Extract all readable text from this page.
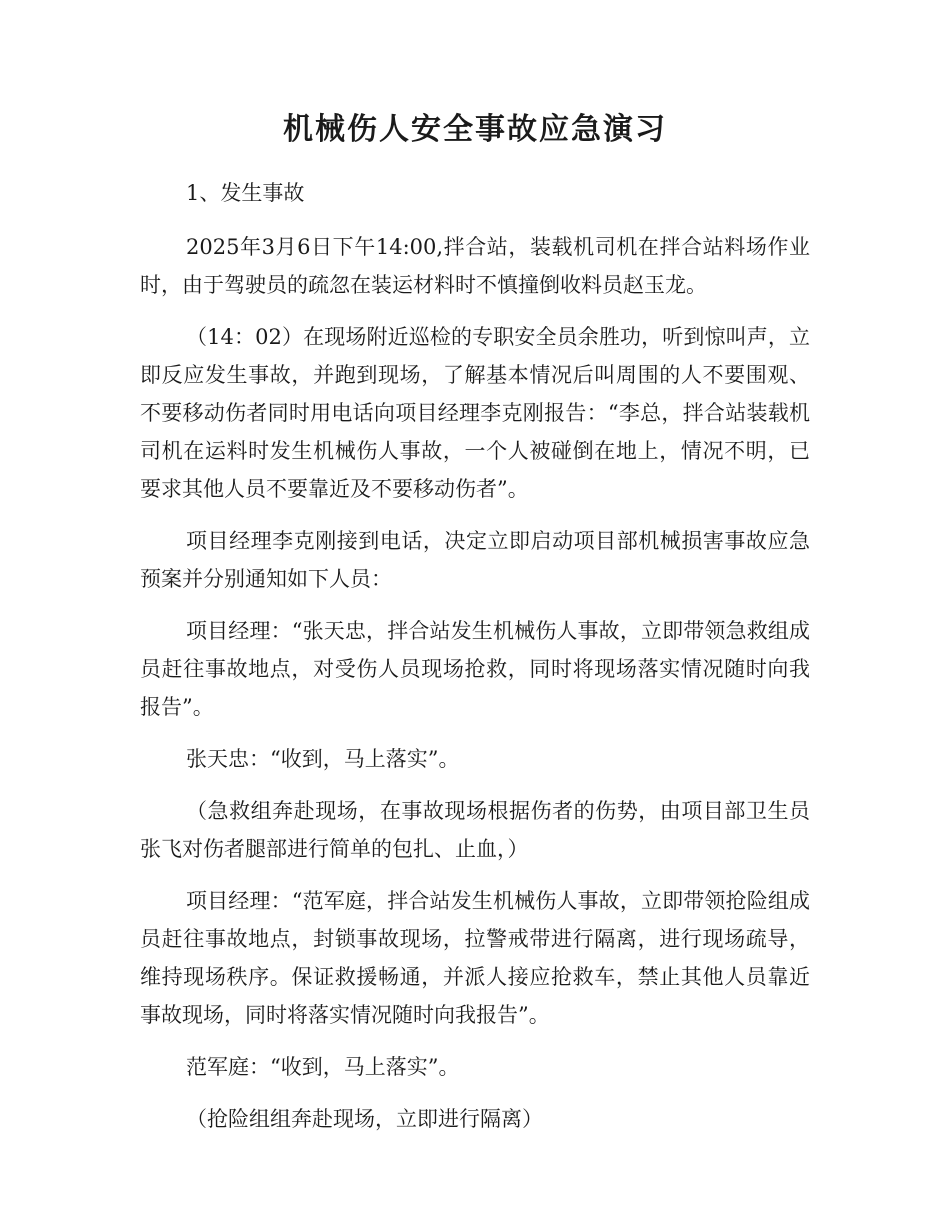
机械伤人安全事故应急演习

1、发生事故

2025年3月6日下午14:00,拌合站，装载机司机在拌合站料场作业时，由于驾驶员的疏忽在装运材料时不慎撞倒收料员赵玉龙。

（14：02）在现场附近巡检的专职安全员余胜功，听到惊叫声，立即反应发生事故，并跑到现场，了解基本情况后叫周围的人不要围观、不要移动伤者同时用电话向项目经理李克刚报告：“李总，拌合站装载机司机在运料时发生机械伤人事故，一个人被碰倒在地上，情况不明，已要求其他人员不要靠近及不要移动伤者”。

项目经理李克刚接到电话，决定立即启动项目部机械损害事故应急预案并分别通知如下人员：

项目经理：“张天忠，拌合站发生机械伤人事故，立即带领急救组成员赶往事故地点，对受伤人员现场抢救，同时将现场落实情况随时向我报告”。

张天忠：“收到，马上落实”。

（急救组奔赴现场，在事故现场根据伤者的伤势，由项目部卫生员张飞对伤者腿部进行简单的包扎、止血，）

项目经理：“范军庭，拌合站发生机械伤人事故，立即带领抢险组成员赶往事故地点，封锁事故现场，拉警戒带进行隔离，进行现场疏导，维持现场秩序。保证救援畅通，并派人接应抢救车，禁止其他人员靠近事故现场，同时将落实情况随时向我报告”。

范军庭：“收到，马上落实”。

（抢险组组奔赴现场，立即进行隔离）
